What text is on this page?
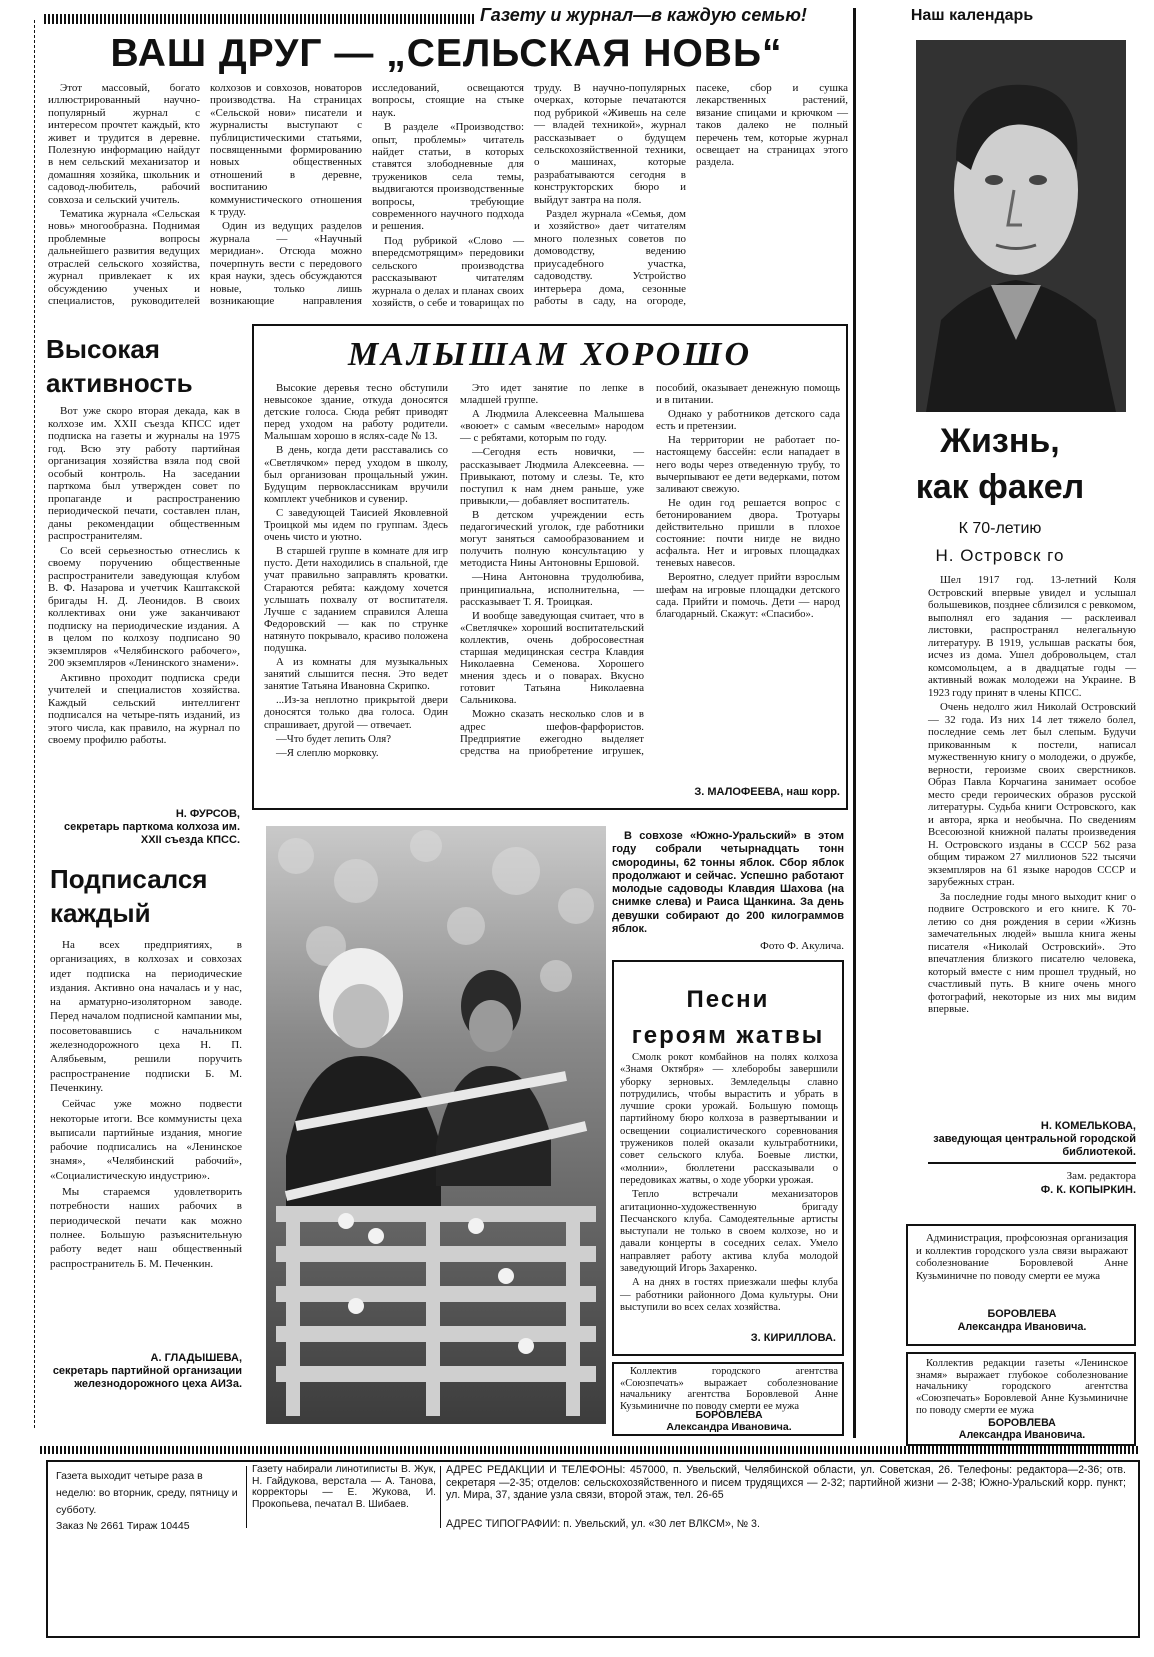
Газету и журнал—в каждую семью!	Наш календарь
ВАШ ДРУГ — „СЕЛЬСКАЯ НОВЬ“

Этот массовый, богато иллюстрированный научно-популярный журнал с интересом прочтет каждый, кто живет и трудится в деревне. Полезную информацию найдут в нем сельский механизатор и домашняя хозяйка, школьник и садовод-любитель, рабочий совхоза и сельский учитель.

Тематика журнала «Сельская новь» многообразна. Поднимая проблемные вопросы дальнейшего развития ведущих отраслей сельского хозяйства, журнал привлекает к их обсуждению ученых и специалистов, руководителей колхозов и совхозов, новаторов производства. На страницах «Сельской нови» писатели и журналисты выступают с публицистическими статьями, посвященными формированию новых общественных отношений в деревне, воспитанию коммунистического отношения к труду.

Один из ведущих разделов журнала — «Научный меридиан». Отсюда можно почерпнуть вести с передового края науки, здесь обсуждаются новые, только лишь возникающие направления исследований, освещаются вопросы, стоящие на стыке наук.

В разделе «Производство: опыт, проблемы» читатель найдет статьи, в которых ставятся злободневные для тружеников села темы, выдвигаются производственные вопросы, требующие современного научного подхода и решения.

Под рубрикой «Слово — впередсмотрящим» передовики сельского производства рассказывают читателям журнала о делах и планах своих хозяйств, о себе и товарищах по труду. В научно-популярных очерках, которые печатаются под рубрикой «Живешь на селе — владей техникой», журнал рассказывает о будущем сельскохозяйственной техники, о машинах, которые разрабатываются сегодня в конструкторских бюро и выйдут завтра на поля.

Раздел журнала «Семья, дом и хозяйство» дает читателям много полезных советов по домоводству, ведению приусадебного участка, садоводству. Устройство интерьера дома, сезонные работы в саду, на огороде, пасеке, сбор и сушка лекарственных растений, вязание спицами и крючком — таков далеко не полный перечень тем, которые журнал освещает на страницах этого раздела.

Высокая
активность

Вот уже скоро вторая декада, как в колхозе им. XXII съезда КПСС идет подписка на газеты и журналы на 1975 год. Всю эту работу партийная организация хозяйства взяла под свой особый контроль. На заседании парткома был утвержден совет по пропаганде и распространению периодической печати, составлен план, даны рекомендации общественным распространителям.

Со всей серьезностью отнеслись к своему поручению общественные распространители заведующая клубом В. Ф. Назарова и учетчик Каштакской бригады Н. Д. Леонидов. В своих коллективах они уже заканчивают подписку на периодические издания. А в целом по колхозу подписано 90 экземпляров «Челябинского рабочего», 200 экземпляров «Ленинского знамени».

Активно проходит подписка среди учителей и специалистов хозяйства. Каждый сельский интеллигент подписался на четыре-пять изданий, из этого числа, как правило, на журнал по своему профилю работы.

Н. ФУРСОВ,
секретарь парткома колхоза им. XXII съезда КПСС.
Подписался
каждый

На всех предприятиях, в организациях, в колхозах и совхозах идет подписка на периодические издания. Активно она началась и у нас, на арматурно-изоляторном заводе. Перед началом подписной кампании мы, посоветовавшись с начальником железнодорожного цеха Н. П. Алябьевым, решили поручить распространение подписки Б. М. Печенкину.

Сейчас уже можно подвести некоторые итоги. Все коммунисты цеха выписали партийные издания, многие рабочие подписались на «Ленинское знамя», «Челябинский рабочий», «Социалистическую индустрию».

Мы стараемся удовлетворить потребности наших рабочих в периодической печати как можно полнее. Большую разъяснительную работу ведет наш общественный распространитель Б. М. Печенкин.

А. ГЛАДЫШЕВА,
секретарь партийной организации железнодорожного цеха АИЗа.
МАЛЫШАМ ХОРОШО

Высокие деревья тесно обступили невысокое здание, откуда доносятся детские голоса. Сюда ребят приводят перед уходом на работу родители. Малышам хорошо в яслях-саде № 13.

В день, когда дети расставались со «Светлячком» перед уходом в школу, был организован прощальный ужин. Будущим первоклассникам вручили комплект учебников и сувенир.

С заведующей Таисией Яковлевной Троицкой мы идем по группам. Здесь очень чисто и уютно.

В старшей группе в комнате для игр пусто. Дети находились в спальной, где учат правильно заправлять кроватки. Стараются ребята: каждому хочется услышать похвалу от воспитателя. Лучше с заданием справился Алеша Федоровский — как по струнке натянуто покрывало, красиво положена подушка.

А из комнаты для музыкальных занятий слышится песня. Это ведет занятие Татьяна Ивановна Скрипко.

...Из-за неплотно прикрытой двери доносятся только два голоса. Один спрашивает, другой — отвечает.

—Что будет лепить Оля?

—Я слеплю морковку.

Это идет занятие по лепке в младшей группе.

А Людмила Алексеевна Малышева «воюет» с самым «веселым» народом — с ребятами, которым по году.

—Сегодня есть новички, — рассказывает Людмила Алексеевна. — Привыкают, потому и слезы. Те, кто поступил к нам днем раньше, уже привыкли,— добавляет воспитатель.

В детском учреждении есть педагогический уголок, где работники могут заняться самообразованием и получить полную консультацию у методиста Нины Антоновны Ершовой.

—Нина Антоновна трудолюбива, принципиальна, исполнительна, — рассказывает Т. Я. Троицкая.

И вообще заведующая считает, что в «Светлячке» хороший воспитательский коллектив, очень добросовестная старшая медицинская сестра Клавдия Николаевна Семенова. Хорошего мнения здесь и о поварах. Вкусно готовит Татьяна Николаевна Сальникова.

Можно сказать несколько слов и в адрес шефов-фарфористов. Предприятие ежегодно выделяет средства на приобретение игрушек, пособий, оказывает денежную помощь и в питании.

Однако у работников детского сада есть и претензии.

На территории не работает по-настоящему бассейн: если нападает в него воды через отведенную трубу, то вычерпывают ее дети ведерками, потом заливают свежую.

Не один год решается вопрос с бетонированием двора. Тротуары действительно пришли в плохое состояние: почти нигде не видно асфальта. Нет и игровых площадках теневых навесов.

Вероятно, следует прийти взрослым шефам на игровые площадки детского сада. Прийти и помочь. Дети — народ благодарный. Скажут: «Спасибо».

З. МАЛОФЕЕВА, наш корр.
В совхозе «Южно-Уральский» в этом году собрали четырнадцать тонн смородины, 62 тонны яблок. Сбор яблок продолжают и сейчас. Успешно работают молодые садоводы Клавдия Шахова (на снимке слева) и Раиса Щанкина. За день девушки собирают до 200 килограммов яблок.
Фото Ф. Акулича.
Песни
героям жатвы

Смолк рокот комбайнов на полях колхоза «Знамя Октября» — хлеборобы завершили уборку зерновых. Земледельцы славно потрудились, чтобы вырастить и убрать в лучшие сроки урожай. Большую помощь партийному бюро колхоза в развертывании и освещении социалистического соревнования тружеников полей оказали культработники, совет сельского клуба. Боевые листки, «молнии», бюллетени рассказывали о передовиках жатвы, о ходе уборки урожая.

Тепло встречали механизаторов агитационно-художественную бригаду Песчанского клуба. Самодеятельные артисты выступали не только в своем колхозе, но и давали концерты в соседних селах. Умело направляет работу актива клуба молодой заведующий Игорь Захаренко.

А на днях в гостях приезжали шефы клуба — работники районного Дома культуры. Они выступили во всех селах хозяйства.

З. КИРИЛЛОВА.
Коллектив городского агентства «Союзпечать» выражает соболезнование начальнику агентства Боровлевой Анне Кузьминичне по поводу смерти ее мужа
БОРОВЛЕВА
Александра Ивановича.
Жизнь,
как факел
К 70-летию
Н. Островск го

Шел 1917 год. 13-летний Коля Островский впервые увидел и услышал большевиков, позднее сблизился с ревкомом, выполнял его задания — расклеивал листовки, распространял нелегальную литературу. В 1919, услышав раскаты боя, исчез из дома. Ушел добровольцем, стал комсомольцем, а в двадцатые годы — активный вожак молодежи на Украине. В 1923 году принят в члены КПСС.

Очень недолго жил Николай Островский — 32 года. Из них 14 лет тяжело болел, последние семь лет был слепым. Будучи прикованным к постели, написал мужественную книгу о молодежи, о дружбе, верности, героизме своих сверстников. Образ Павла Корчагина занимает особое место среди героических образов русской литературы. Судьба книги Островского, как и автора, ярка и необычна. По сведениям Всесоюзной книжной палаты произведения Н. Островского изданы в СССР 562 раза общим тиражом 27 миллионов 522 тысячи экземпляров на 61 языке народов СССР и зарубежных стран.

За последние годы много выходит книг о подвиге Островского и его книге. К 70-летию со дня рождения в серии «Жизнь замечательных людей» вышла книга жены писателя «Николай Островский». Это впечатления близкого писателю человека, который вместе с ним прошел трудный, но счастливый путь. В книге очень много фотографий, некоторые из них мы видим впервые.

Н. КОМЕЛЬКОВА,
заведующая центральной городской библиотекой.
Зам. редактора
Ф. К. КОПЫРКИН.
Администрация, профсоюзная организация и коллектив городского узла связи выражают соболезнование Боровлевой Анне Кузьминичне по поводу смерти ее мужа
БОРОВЛЕВА
Александра Ивановича.
Коллектив редакции газеты «Ленинское знамя» выражает глубокое соболезнование начальнику городского агентства «Союзпечать» Боровлевой Анне Кузьминичне по поводу смерти ее мужа
БОРОВЛЕВА
Александра Ивановича.
Газета выходит четыре раза в неделю: во вторник, среду, пятницу и субботу.
Заказ № 2661 Тираж 10445
Газету набирали линотиписты В. Жук, Н. Гайдукова, верстала — А. Танова, корректоры — Е. Жукова, И. Прокопьева, печатал В. Шибаев.
АДРЕС РЕДАКЦИИ И ТЕЛЕФОНЫ: 457000, п. Увельский, Челябинской области, ул. Советская, 26. Телефоны: редактора—2-36; отв. секретаря —2-35; отделов: сельскохозяйственного и писем трудящихся — 2-32; партийной жизни — 2-38; Южно-Уральский корр. пункт; ул. Мира, 37, здание узла связи, второй этаж, тел. 26-65
АДРЕС ТИПОГРАФИИ: п. Увельский, ул. «30 лет ВЛКСМ», № 3.
